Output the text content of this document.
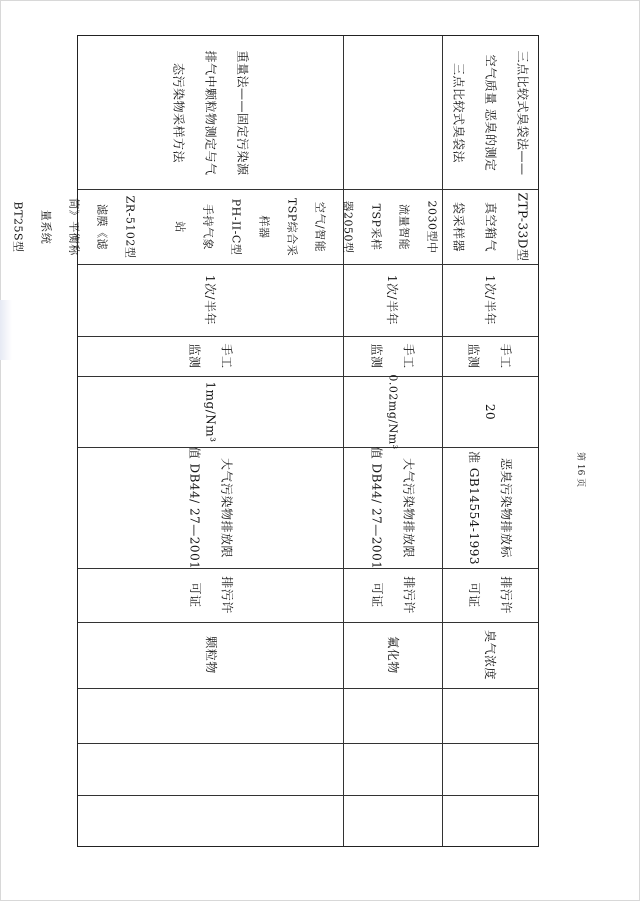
重量法——固定污染源

排气中颗粒物测定与气

态污染物采样方法

2030型中

流量智能

TSP采样

器2050型

空气/智能

TSP综合采

样器

PH-II-C型

手持气象

站

ZR-5102型

滤膜《滤

筒》平衡称

量系统

BT25S型

1次/半年

手工

监测

1mg/Nm³

大气污染物排放限

值 DB44/ 27—2001

排污许

可证

颗粒物
1次/半年

手工

监测

0.02mg/Nm³

大气污染物排放限

值 DB44/ 27—2001

排污许

可证

氟化物

三点比较式臭袋法——

空气质量 恶臭的测定

三点比较式臭袋法

ZTP-33D型

真空箱气

袋采样器

1次/半年

手工

监测

20

恶臭污染物排放标

准 GB14554-1993

排污许

可证

臭气浓度
第 16 页
